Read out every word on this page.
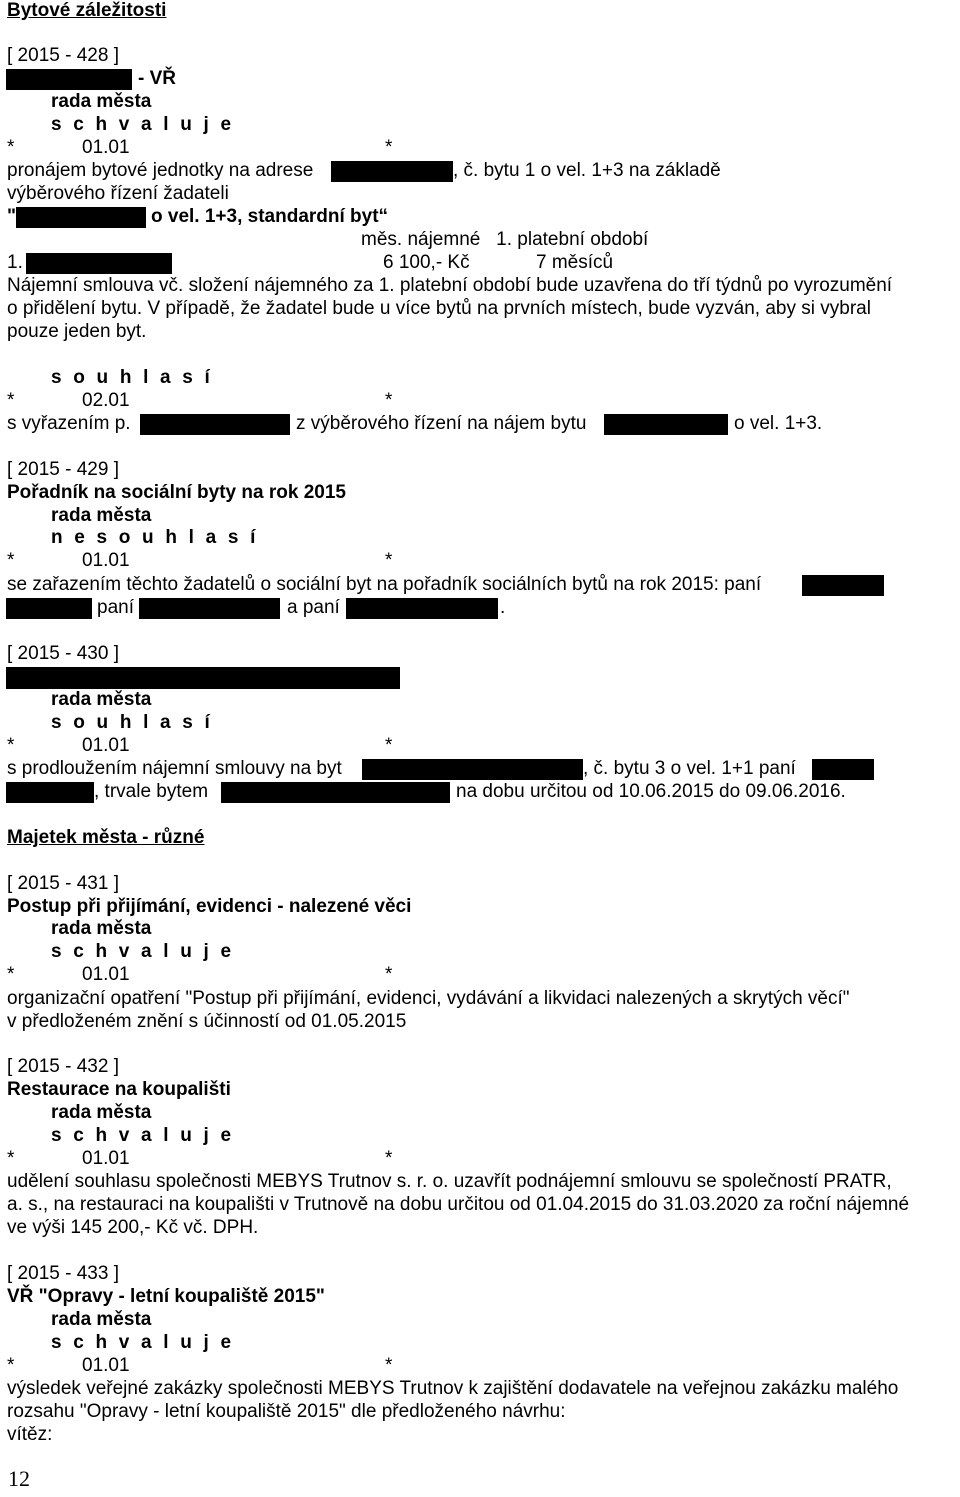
Bytové záležitosti
[ 2015 - 428 ]
- VŘ
rada města
s c h v a l u j e
*	01.01	*
pronájem bytové jednotky na adrese	, č. bytu 1 o vel. 1+3 na základě
výběrového řízení žadateli
"	o vel. 1+3, standardní byt“
měs. nájemné   1. platební období
1.	6 100,- Kč	7 měsíců
Nájemní smlouva vč. složení nájemného za 1. platební období bude uzavřena do tří týdnů po vyrozumění
o přidělení bytu. V případě, že žadatel bude u více bytů na prvních místech, bude vyzván, aby si vybral
pouze jeden byt.
s o u h l a s í
*	02.01	*
s vyřazením p.	z výběrového řízení na nájem bytu	o vel. 1+3.
[ 2015 - 429 ]
Pořadník na sociální byty na rok 2015
rada města
n e s o u h l a s í
*	01.01	*
se zařazením těchto žadatelů o sociální byt na pořadník sociálních bytů na rok 2015: paní
paní	a paní	.
[ 2015 - 430 ]
rada města
s o u h l a s í
*	01.01	*
s prodloužením nájemní smlouvy na byt	, č. bytu 3 o vel. 1+1 paní
, trvale bytem	na dobu určitou od 10.06.2015 do 09.06.2016.
Majetek města - různé
[ 2015 - 431 ]
Postup při přijímání, evidenci - nalezené věci
rada města
s c h v a l u j e
*	01.01	*
organizační opatření "Postup při přijímání, evidenci, vydávání a likvidaci nalezených a skrytých věcí"
v předloženém znění s účinností od 01.05.2015
[ 2015 - 432 ]
Restaurace na koupališti
rada města
s c h v a l u j e
*	01.01	*
udělení souhlasu společnosti MEBYS Trutnov s. r. o. uzavřít podnájemní smlouvu se společností PRATR,
a. s., na restauraci na koupališti v Trutnově na dobu určitou od 01.04.2015 do 31.03.2020 za roční nájemné
ve výši 145 200,- Kč vč. DPH.
[ 2015 - 433 ]
VŘ "Opravy - letní koupaliště 2015"
rada města
s c h v a l u j e
*	01.01	*
výsledek veřejné zakázky společnosti MEBYS Trutnov k zajištění dodavatele na veřejnou zakázku malého
rozsahu "Opravy - letní koupaliště 2015" dle předloženého návrhu:
vítěz:
12
